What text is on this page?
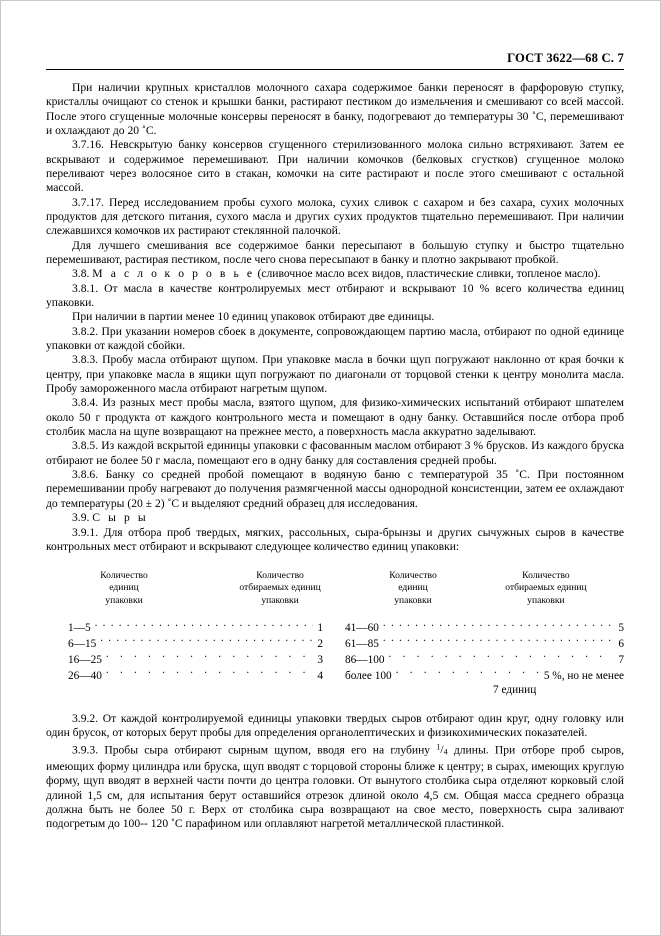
ГОСТ 3622—68 С. 7

При наличии крупных кристаллов молочного сахара содержимое банки переносят в фарфоровую ступку, кристаллы очищают со стенок и крышки банки, растирают пестиком до измельчения и смешивают со всей массой. После этого сгущенные молочные консервы переносят в банку, подогревают до температуры 30 ˚С, перемешивают и охлаждают до 20 ˚С.

3.7.16. Невскрытую банку консервов сгущенного стерилизованного молока сильно встряхивают. Затем ее вскрывают и содержимое перемешивают. При наличии комочков (белковых сгустков) сгущенное молоко переливают через волосяное сито в стакан, комочки на сите растирают и после этого смешивают с остальной массой.

3.7.17. Перед исследованием пробы сухого молока, сухих сливок с сахаром и без сахара, сухих молочных продуктов для детского питания, сухого масла и других сухих продуктов тщательно перемешивают. При наличии слежавшихся комочков их растирают стеклянной палочкой.

Для лучшего смешивания все содержимое банки пересыпают в большую ступку и быстро тщательно перемешивают, растирая пестиком, после чего снова пересыпают в банку и плотно закрывают пробкой.

3.8. М а с л о к о р о в ь е (сливочное масло всех видов, пластические сливки, топленое масло).

3.8.1. От масла в качестве контролируемых мест отбирают и вскрывают 10 % всего количества единиц упаковки.

При наличии в партии менее 10 единиц упаковок отбирают две единицы.

3.8.2. При указании номеров сбоек в документе, сопровождающем партию масла, отбирают по одной единице упаковки от каждой сбойки.

3.8.3. Пробу масла отбирают щупом. При упаковке масла в бочки щуп погружают наклонно от края бочки к центру, при упаковке масла в ящики щуп погружают по диагонали от торцовой стенки к центру монолита масла. Пробу замороженного масла отбирают нагретым щупом.

3.8.4. Из разных мест пробы масла, взятого щупом, для физико-химических испытаний отбирают шпателем около 50 г продукта от каждого контрольного места и помещают в одну банку. Оставшийся после отбора проб столбик масла на щупе возвращают на прежнее место, а поверхность масла аккуратно заделывают.

3.8.5. Из каждой вскрытой единицы упаковки с фасованным маслом отбирают 3 % брусков. Из каждого бруска отбирают не более 50 г масла, помещают его в одну банку для составления средней пробы.

3.8.6. Банку со средней пробой помещают в водяную баню с температурой 35 ˚С. При постоянном перемешивании пробу нагревают до получения размягченной массы однородной консистенции, затем ее охлаждают до температуры (20 ± 2) ˚С и выделяют средний образец для исследования.

3.9. С ы р ы

3.9.1. Для отбора проб твердых, мягких, рассольных, сыра-брынзы и других сычужных сыров в качестве контрольных мест отбирают и вскрывают следующее количество единиц упаковки:

Количество
единиц
упаковки
Количество
отбираемых единиц
упаковки
Количество
единиц
упаковки
Количество
отбираемых единиц
упаковки
1—5 . . .	1
6—15 . . .	2
16—25 . . .	3
26—40 . . .	4
41—60 . . .	5
61—85 . . .	6
86—100 . . .	7
более 100 . . .	5 %, но не менее
7 единиц

3.9.2. От каждой контролируемой единицы упаковки твердых сыров отбирают один круг, одну головку или один брусок, от которых берут пробы для определения органолептических и физикохимических показателей.

3.9.3. Пробы сыра отбирают сырным щупом, вводя его на глубину $^1/_4$ длины. При отборе проб сыров, имеющих форму цилиндра или бруска, щуп вводят с торцовой стороны ближе к центру; в сырах, имеющих круглую форму, щуп вводят в верхней части почти до центра головки. От вынутого столбика сыра отделяют корковый слой длиной 1,5 см, для испытания берут оставшийся отрезок длиной около 4,5 см. Общая масса среднего образца должна быть не более 50 г. Верх от столбика сыра возвращают на свое место, поверхность сыра заливают подогретым до 100-- 120 ˚С парафином или оплавляют нагретой металлической пластинкой.
